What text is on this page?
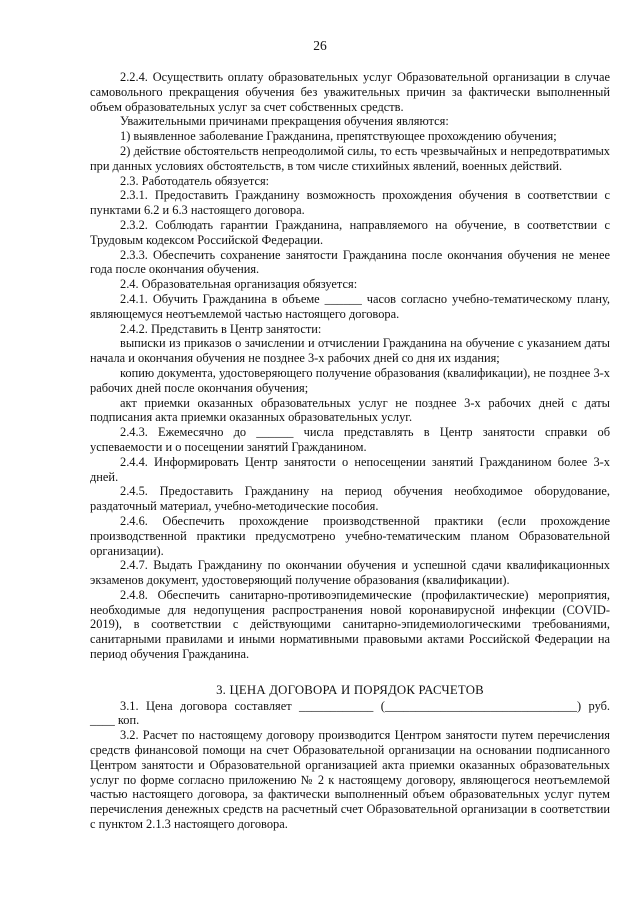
26

2.2.4. Осуществить оплату образовательных услуг Образовательной организации в случае самовольного прекращения обучения без уважительных причин за фактически выполненный объем образовательных услуг за счет собственных средств.

Уважительными причинами прекращения обучения являются:

1) выявленное заболевание Гражданина, препятствующее прохождению обучения;

2) действие обстоятельств непреодолимой силы, то есть чрезвычайных и непредотвратимых при данных условиях обстоятельств, в том числе стихийных явлений, военных действий.

2.3. Работодатель обязуется:

2.3.1. Предоставить Гражданину возможность прохождения обучения в соответствии с пунктами 6.2 и 6.3 настоящего договора.

2.3.2. Соблюдать гарантии Гражданина, направляемого на обучение, в соответствии с Трудовым кодексом Российской Федерации.

2.3.3. Обеспечить сохранение занятости Гражданина после окончания обучения не менее года после окончания обучения.

2.4. Образовательная организация обязуется:

2.4.1. Обучить Гражданина в объеме ______ часов согласно учебно-тематическому плану, являющемуся неотъемлемой частью настоящего договора.

2.4.2. Представить в Центр занятости:

выписки из приказов о зачислении и отчислении Гражданина на обучение с указанием даты начала и окончания обучения не позднее 3-х рабочих дней со дня их издания;

копию документа, удостоверяющего получение образования (квалификации), не позднее 3-х рабочих дней после окончания обучения;

акт приемки оказанных образовательных услуг не позднее 3-х рабочих дней с даты подписания акта приемки оказанных образовательных услуг.

2.4.3. Ежемесячно до ______ числа представлять в Центр занятости справки об успеваемости и о посещении занятий Гражданином.

2.4.4. Информировать Центр занятости о непосещении занятий Гражданином более 3-х дней.

2.4.5. Предоставить Гражданину на период обучения необходимое оборудование, раздаточный материал, учебно-методические пособия.

2.4.6. Обеспечить прохождение производственной практики (если прохождение производственной практики предусмотрено учебно-тематическим планом Образовательной организации).

2.4.7. Выдать Гражданину по окончании обучения и успешной сдачи квалификационных экзаменов документ, удостоверяющий получение образования (квалификации).

2.4.8. Обеспечить санитарно-противоэпидемические (профилактические) мероприятия, необходимые для недопущения распространения новой коронавирусной инфекции (COVID-2019), в соответствии с действующими санитарно-эпидемиологическими требованиями, санитарными правилами и иными нормативными правовыми актами Российской Федерации на период обучения Гражданина.

3. ЦЕНА ДОГОВОРА И ПОРЯДОК РАСЧЕТОВ

3.1. Цена договора составляет ____________ (_______________________________) руб. ____ коп.

3.2. Расчет по настоящему договору производится Центром занятости путем перечисления средств финансовой помощи на счет Образовательной организации на основании подписанного Центром занятости и Образовательной организацией акта приемки оказанных образовательных услуг по форме согласно приложению № 2 к настоящему договору, являющегося неотъемлемой частью настоящего договора, за фактически выполненный объем образовательных услуг путем перечисления денежных средств на расчетный счет Образовательной организации в соответствии с пунктом 2.1.3 настоящего договора.
